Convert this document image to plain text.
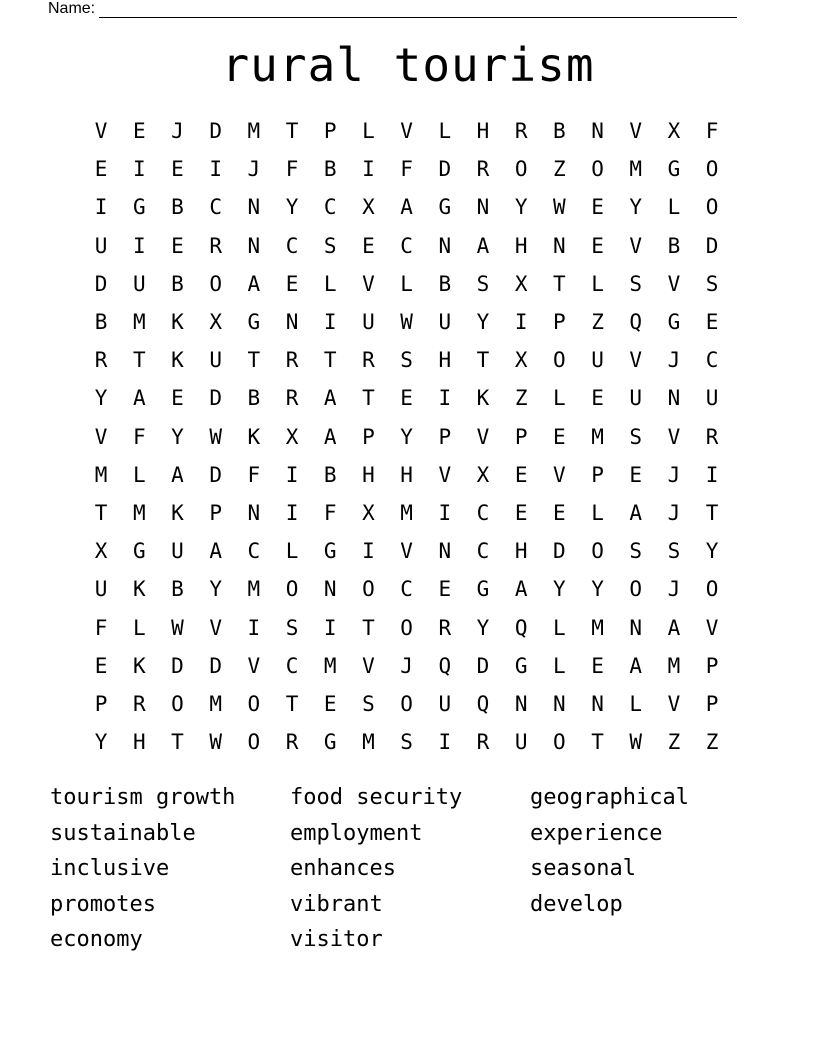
Name:
rural tourism
V	E	J	D	M	T	P	L	V	L	H	R	B	N	V	X	F
E	I	E	I	J	F	B	I	F	D	R	O	Z	O	M	G	O
I	G	B	C	N	Y	C	X	A	G	N	Y	W	E	Y	L	O
U	I	E	R	N	C	S	E	C	N	A	H	N	E	V	B	D
D	U	B	O	A	E	L	V	L	B	S	X	T	L	S	V	S
B	M	K	X	G	N	I	U	W	U	Y	I	P	Z	Q	G	E
R	T	K	U	T	R	T	R	S	H	T	X	O	U	V	J	C
Y	A	E	D	B	R	A	T	E	I	K	Z	L	E	U	N	U
V	F	Y	W	K	X	A	P	Y	P	V	P	E	M	S	V	R
M	L	A	D	F	I	B	H	H	V	X	E	V	P	E	J	I
T	M	K	P	N	I	F	X	M	I	C	E	E	L	A	J	T
X	G	U	A	C	L	G	I	V	N	C	H	D	O	S	S	Y
U	K	B	Y	M	O	N	O	C	E	G	A	Y	Y	O	J	O
F	L	W	V	I	S	I	T	O	R	Y	Q	L	M	N	A	V
E	K	D	D	V	C	M	V	J	Q	D	G	L	E	A	M	P
P	R	O	M	O	T	E	S	O	U	Q	N	N	N	L	V	P
Y	H	T	W	O	R	G	M	S	I	R	U	O	T	W	Z	Z
tourism growth
sustainable
inclusive
promotes
economy
food security
employment
enhances
vibrant
visitor
geographical
experience
seasonal
develop
